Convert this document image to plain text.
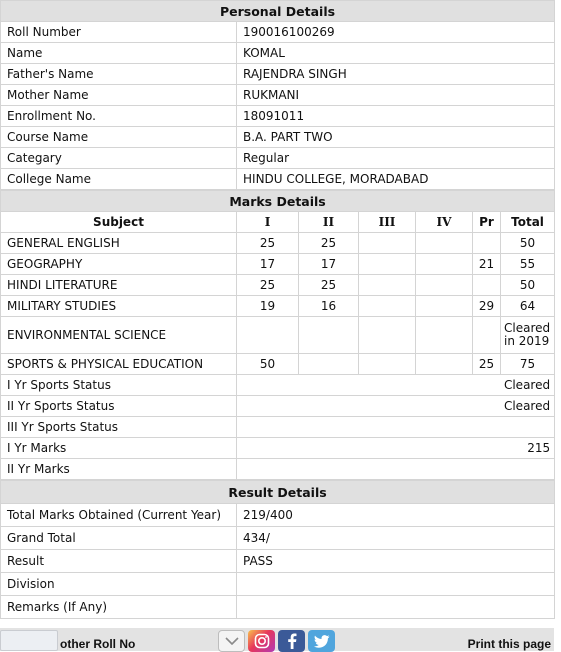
Personal Details	
Roll Number	190016100269
Name	KOMAL
Father's Name	RAJENDRA SINGH
Mother Name	RUKMANI
Enrollment No.	18091011
Course Name	B.A. PART TWO
Categary	Regular
College Name	HINDU COLLEGE, MORADABAD
Marks Details						
Subject	I	II	III	IV	Pr	Total
GENERAL ENGLISH	25	25				50
GEOGRAPHY	17	17			21	55
HINDI LITERATURE	25	25				50
MILITARY STUDIES	19	16			29	64
ENVIRONMENTAL SCIENCE						Cleared in 2019
SPORTS & PHYSICAL EDUCATION	50				25	75
I Yr Sports Status	Cleared					
II Yr Sports Status	Cleared					
III Yr Sports Status						
I Yr Marks	215					
II Yr Marks						
Result Details	
Total Marks Obtained (Current Year)	219/400
Grand Total	434/
Result	PASS
Division	
Remarks (If Any)	
other Roll No	Print this page
